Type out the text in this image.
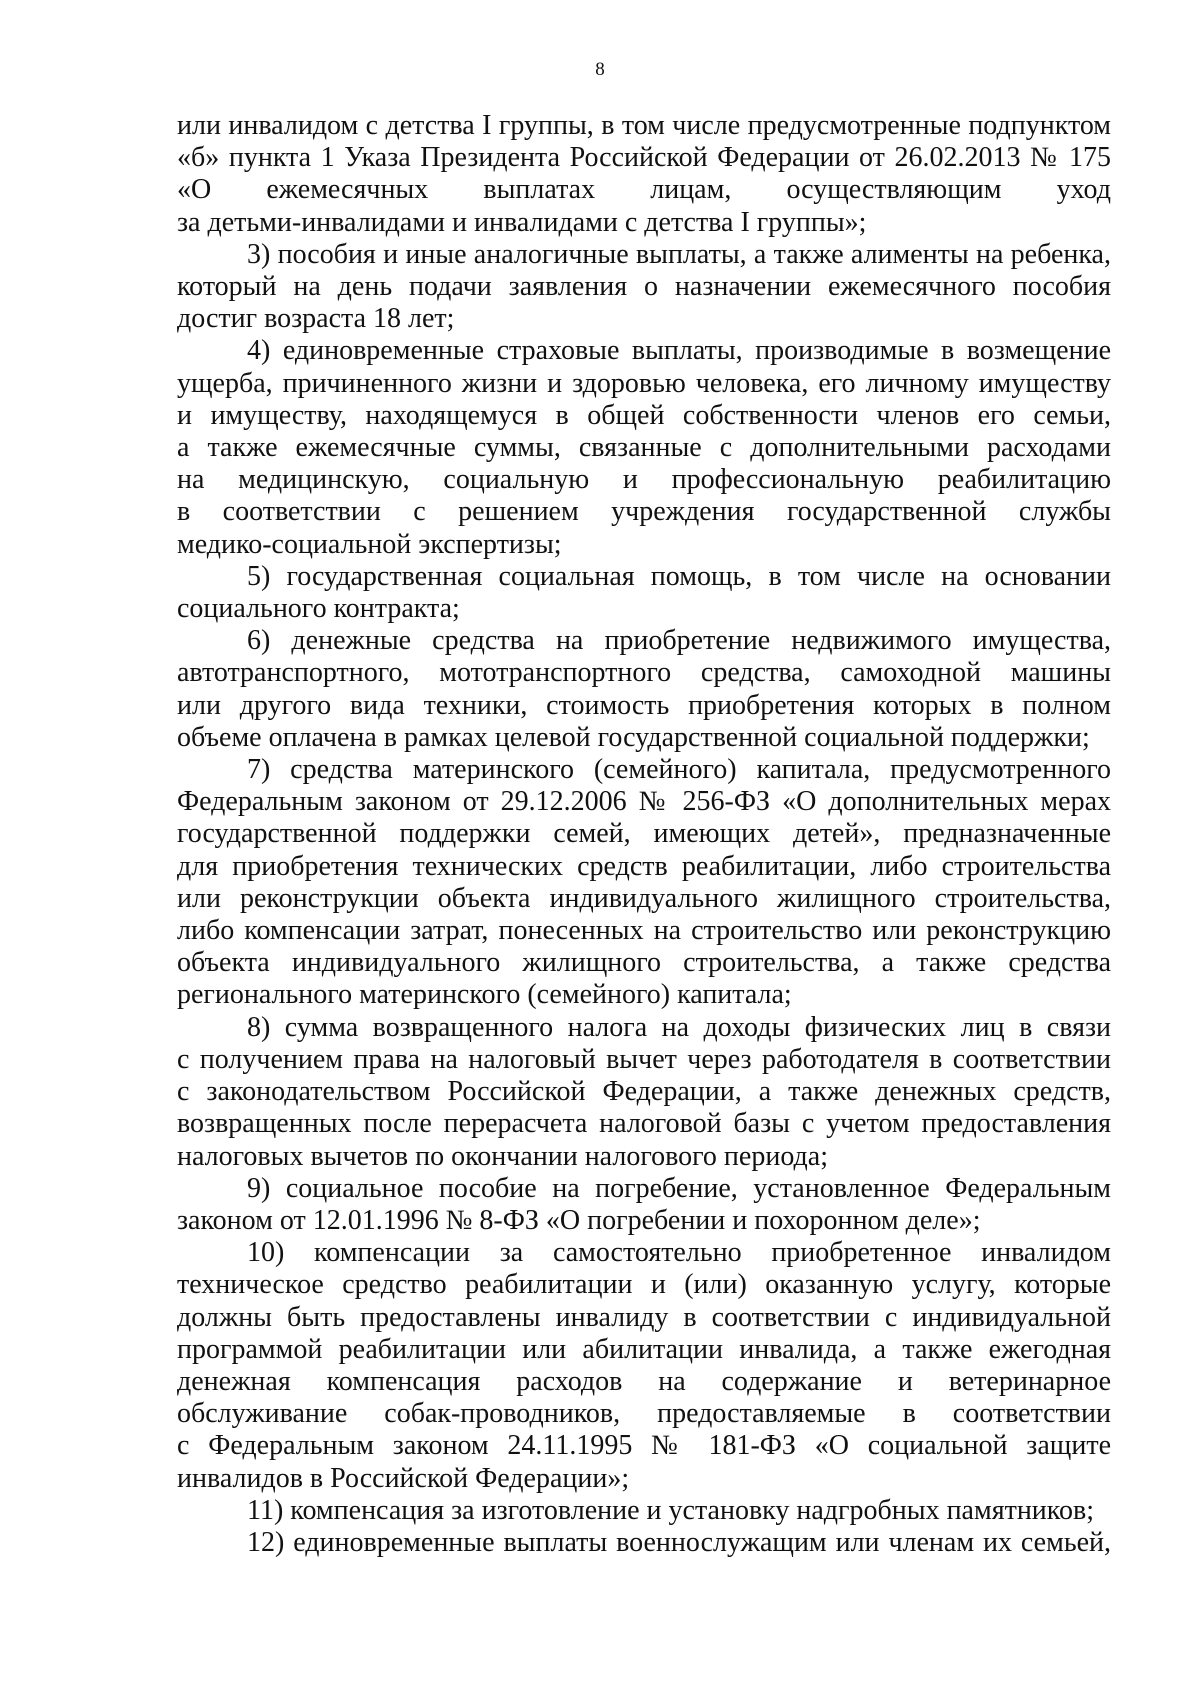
8
или инвалидом с детства I группы, в том числе предусмотренные подпунктом
«б» пункта 1 Указа Президента Российской Федерации от 26.02.2013 № 175
«О ежемесячных выплатах лицам, осуществляющим уход
за детьми-инвалидами и инвалидами с детства I группы»;
3) пособия и иные аналогичные выплаты, а также алименты на ребенка,
который на день подачи заявления о назначении ежемесячного пособия
достиг возраста 18 лет;
4) единовременные страховые выплаты, производимые в возмещение
ущерба, причиненного жизни и здоровью человека, его личному имуществу
и имуществу, находящемуся в общей собственности членов его семьи,
а также ежемесячные суммы, связанные с дополнительными расходами
на медицинскую, социальную и профессиональную реабилитацию
в соответствии с решением учреждения государственной службы
медико-социальной экспертизы;
5) государственная социальная помощь, в том числе на основании
социального контракта;
6) денежные средства на приобретение недвижимого имущества,
автотранспортного, мототранспортного средства, самоходной машины
или другого вида техники, стоимость приобретения которых в полном
объеме оплачена в рамках целевой государственной социальной поддержки;
7) средства материнского (семейного) капитала, предусмотренного
Федеральным законом от 29.12.2006 № 256-ФЗ «О дополнительных мерах
государственной поддержки семей, имеющих детей», предназначенные
для приобретения технических средств реабилитации, либо строительства
или реконструкции объекта индивидуального жилищного строительства,
либо компенсации затрат, понесенных на строительство или реконструкцию
объекта индивидуального жилищного строительства, а также средства
регионального материнского (семейного) капитала;
8) сумма возвращенного налога на доходы физических лиц в связи
с получением права на налоговый вычет через работодателя в соответствии
с законодательством Российской Федерации, а также денежных средств,
возвращенных после перерасчета налоговой базы с учетом предоставления
налоговых вычетов по окончании налогового периода;
9) социальное пособие на погребение, установленное Федеральным
законом от 12.01.1996 № 8-ФЗ «О погребении и похоронном деле»;
10) компенсации за самостоятельно приобретенное инвалидом
техническое средство реабилитации и (или) оказанную услугу, которые
должны быть предоставлены инвалиду в соответствии с индивидуальной
программой реабилитации или абилитации инвалида, а также ежегодная
денежная компенсация расходов на содержание и ветеринарное
обслуживание собак-проводников, предоставляемые в соответствии
с Федеральным законом 24.11.1995 № 181-ФЗ «О социальной защите
инвалидов в Российской Федерации»;
11) компенсация за изготовление и установку надгробных памятников;
12) единовременные выплаты военнослужащим или членам их семьей,
